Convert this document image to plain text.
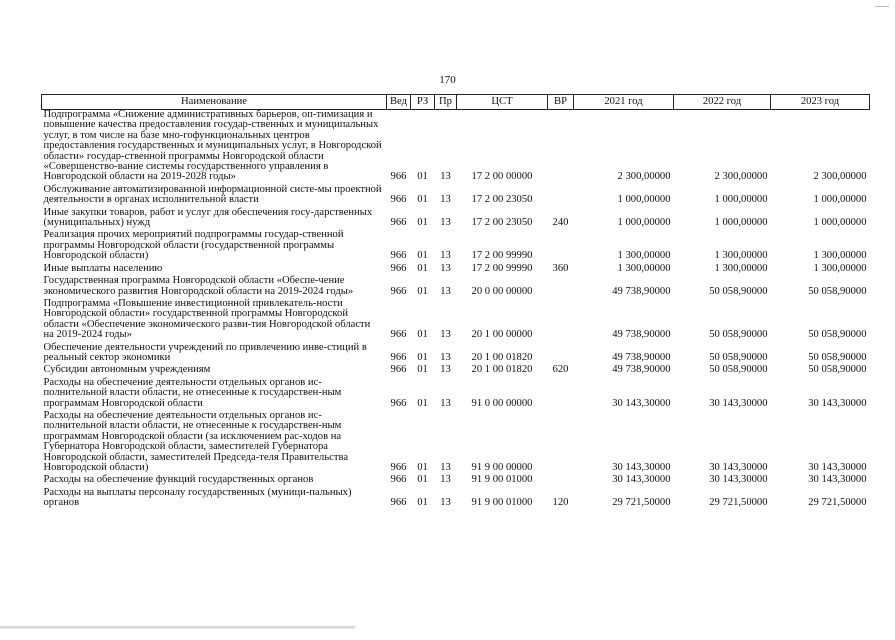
170
Наименование	Вед	РЗ	Пр	ЦСТ	ВР	2021 год	2022 год	2023 год
Подпрограмма «Снижение административных барьеров, оп-тимизация и повышение качества предоставления государ-ственных и муниципальных услуг, в том числе на базе мно-гофункциональных центров предоставления государственных и муниципальных услуг, в Новгородской области» государ-ственной программы Новгородской области «Совершенство-вание системы государственного управления в Новгородской области на 2019-2028 годы»	966	01	13	17 2 00 00000		2 300,00000	2 300,00000	2 300,00000
Обслуживание автоматизированной информационной систе-мы проектной деятельности в органах исполнительной власти	966	01	13	17 2 00 23050		1 000,00000	1 000,00000	1 000,00000
Иные закупки товаров, работ и услуг для обеспечения госу-дарственных (муниципальных) нужд	966	01	13	17 2 00 23050	240	1 000,00000	1 000,00000	1 000,00000
Реализация прочих мероприятий подпрограммы государ-ственной программы Новгородской области (государственной программы Новгородской области)	966	01	13	17 2 00 99990		1 300,00000	1 300,00000	1 300,00000
Иные выплаты населению	966	01	13	17 2 00 99990	360	1 300,00000	1 300,00000	1 300,00000
Государственная программа Новгородской области «Обеспе-чение экономического развития Новгородской области на 2019-2024 годы»	966	01	13	20 0 00 00000		49 738,90000	50 058,90000	50 058,90000
Подпрограмма «Повышение инвестиционной привлекатель-ности Новгородской области» государственной программы Новгородской области «Обеспечение экономического разви-тия Новгородской области на 2019-2024 годы»	966	01	13	20 1 00 00000		49 738,90000	50 058,90000	50 058,90000
Обеспечение деятельности учреждений по привлечению инве-стиций в реальный сектор экономики	966	01	13	20 1 00 01820		49 738,90000	50 058,90000	50 058,90000
Субсидии автономным учреждениям	966	01	13	20 1 00 01820	620	49 738,90000	50 058,90000	50 058,90000
Расходы на обеспечение деятельности отдельных органов ис-полнительной власти области, не отнесенные к государствен-ным программам Новгородской области	966	01	13	91 0 00 00000		30 143,30000	30 143,30000	30 143,30000
Расходы на обеспечение деятельности отдельных органов ис-полнительной власти области, не отнесенные к государствен-ным программам Новгородской области (за исключением рас-ходов на Губернатора Новгородской области, заместителей Губернатора Новгородской области, заместителей Председа-теля Правительства Новгородской области)	966	01	13	91 9 00 00000		30 143,30000	30 143,30000	30 143,30000
Расходы на обеспечение функций государственных органов	966	01	13	91 9 00 01000		30 143,30000	30 143,30000	30 143,30000
Расходы на выплаты персоналу государственных (муници-пальных) органов	966	01	13	91 9 00 01000	120	29 721,50000	29 721,50000	29 721,50000
